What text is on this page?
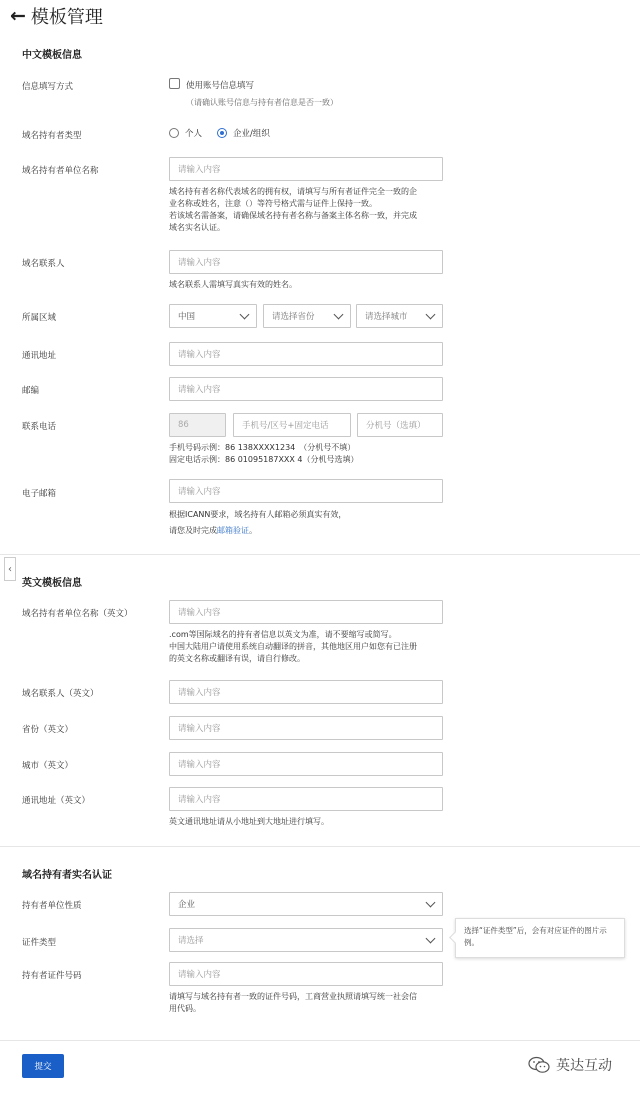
← 模板管理
‹
中文模板信息
信息填写方式	使用账号信息填写
（请确认账号信息与持有者信息是否一致）
域名持有者类型	个人	企业/组织
域名持有者单位名称	请输入内容
域名持有者名称代表域名的拥有权，请填写与所有者证件完全一致的企
业名称或姓名，注意（）等符号格式需与证件上保持一致。
若该域名需备案，请确保域名持有者名称与备案主体名称一致，并完成
域名实名认证。
域名联系人	请输入内容
域名联系人需填写真实有效的姓名。
所属区域	中国	请选择省份	请选择城市
通讯地址	请输入内容
邮编	请输入内容
联系电话	86	手机号/区号+固定电话	分机号（选填）
手机号码示例：86 138XXXX1234　（分机号不填）
固定电话示例：86 01095187XXX 4（分机号选填）
电子邮箱	请输入内容
根据ICANN要求，域名持有人邮箱必须真实有效，
请您及时完成邮箱验证。
英文模板信息
域名持有者单位名称（英文）	请输入内容
.com等国际域名的持有者信息以英文为准，请不要缩写或简写。
中国大陆用户请使用系统自动翻译的拼音，其他地区用户如您有已注册
的英文名称或翻译有误，请自行修改。
域名联系人（英文）	请输入内容
省份（英文）	请输入内容
城市（英文）	请输入内容
通讯地址（英文）	请输入内容
英文通讯地址请从小地址到大地址进行填写。
域名持有者实名认证
持有者单位性质	企业
证件类型	请选择
选择“证件类型”后，会有对应证件的图片示例。
持有者证件号码	请输入内容
请填写与域名持有者一致的证件号码，工商营业执照请填写统一社会信
用代码。
提交	英达互动
